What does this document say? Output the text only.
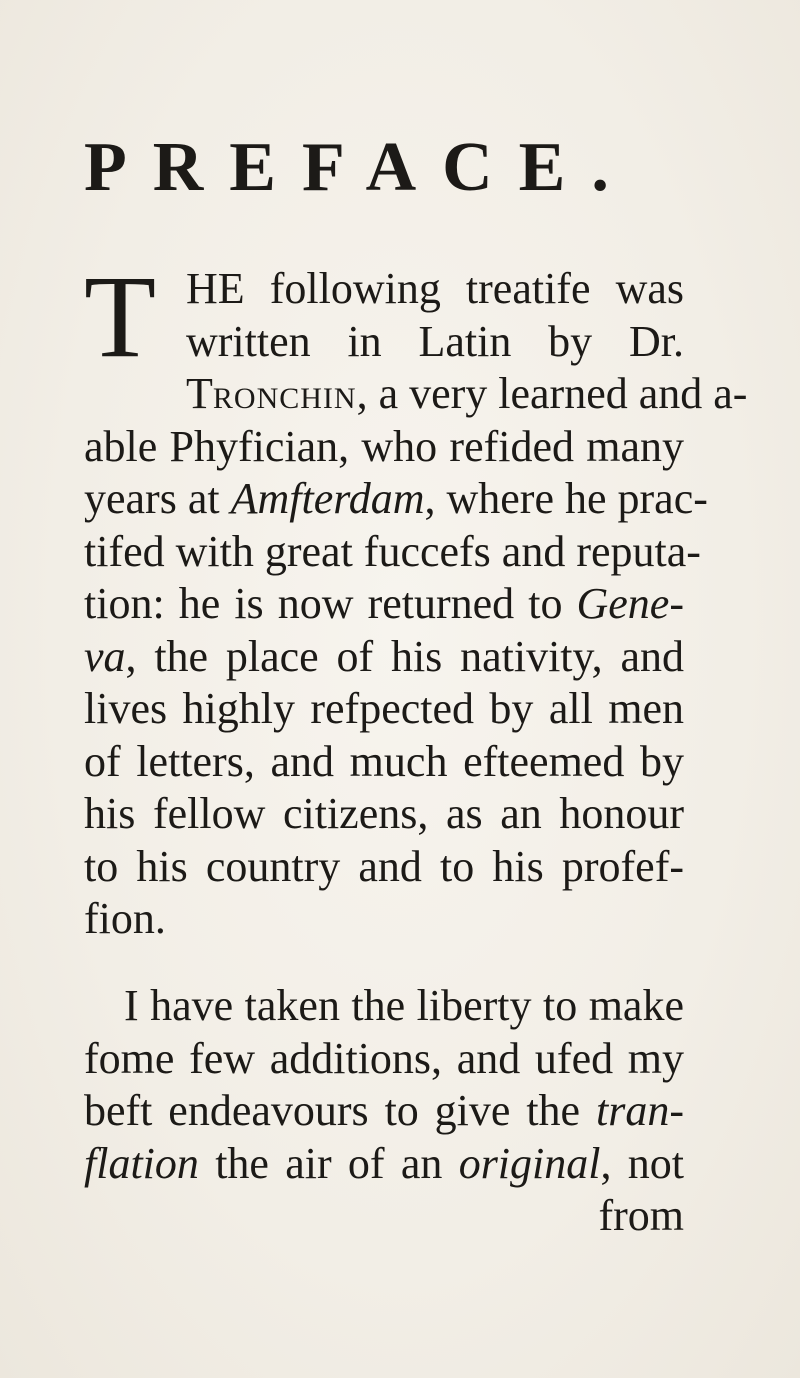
PREFACE.
T HE following treatife was
written in Latin by Dr.
TRONCHIN, a very learned and a-
able Phyfician, who refided many
years at Amfterdam, where he prac-
tifed with great fuccefs and reputa-
tion: he is now returned to Gene-
va, the place of his nativity, and
lives highly refpected by all men
of letters, and much efteemed by
his fellow citizens, as an honour
to his country and to his profef-
fion.
I have taken the liberty to make
fome few additions, and ufed my
beft endeavours to give the tran-
flation the air of an original, not
from
